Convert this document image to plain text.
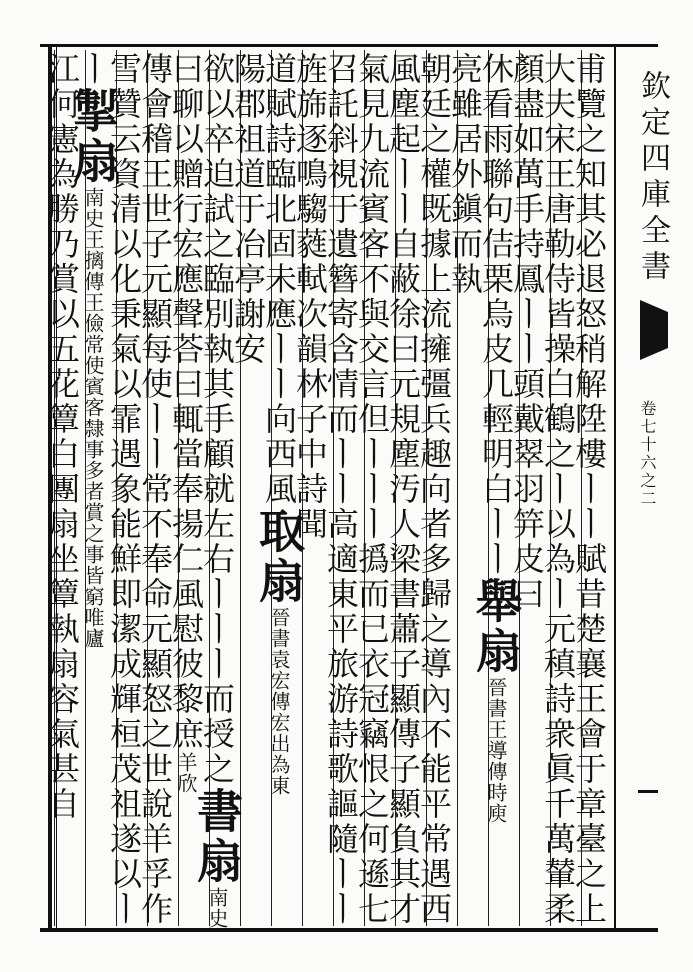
欽定四庫全書
卷七十六之二
甫覽之知其必退怒稍解陞樓ㅣㅣ賦昔楚襄王會于章臺之上
大夫宋王唐勒侍皆操白鶴之ㅣ以為ㅣ元稹詩衆眞千萬輦柔
顏盡如萬手持鳳ㅣㅣ頭戴翠羽笄皮曰
休看雨聯句佶栗烏皮几輕明白ㅣㅣ舉扇晉書王導傳時庾
亮雖居外鎭而執
朝廷之權既據上流擁彊兵趣向者多歸之導內不能平常遇西
風塵起ㅣㅣ自蔽徐曰元規塵汚人梁書蕭子顯傳子顯負其才
氣見九流賓客不與交言但ㅣㅣㅣ撝而已衣冠竊恨之何遜七
召託斜視于遺簪寄含情而ㅣㅣ高適東平旅游詩歌謳隨ㅣㅣ
旌旆逐鳴騶蕤軾次韻林子中詩聞
道賦詩臨北固未應ㅣㅣ向西風取扇晉書袁宏傳宏出為東
陽郡祖道于冶亭謝安
欲以卒迫試之臨別執其手顧就左右ㅣㅣㅣ而授之書扇南史
曰聊以贈行宏應聲荅曰輒當奉揚仁風慰彼黎庶羊欣
傳會稽王世子元顯每使ㅣㅣ常不奉命元顯怒之世說羊孚作
雪贊云資清以化秉氣以霏遇象能鮮即潔成輝桓茂祖遂以ㅣ
ㅣ掣扇南史王摛傳王儉常使賓客隸事多者賞之事皆窮唯廬
江何憲為勝乃賞以五花簟白團扇坐簟執扇容氣甚自
